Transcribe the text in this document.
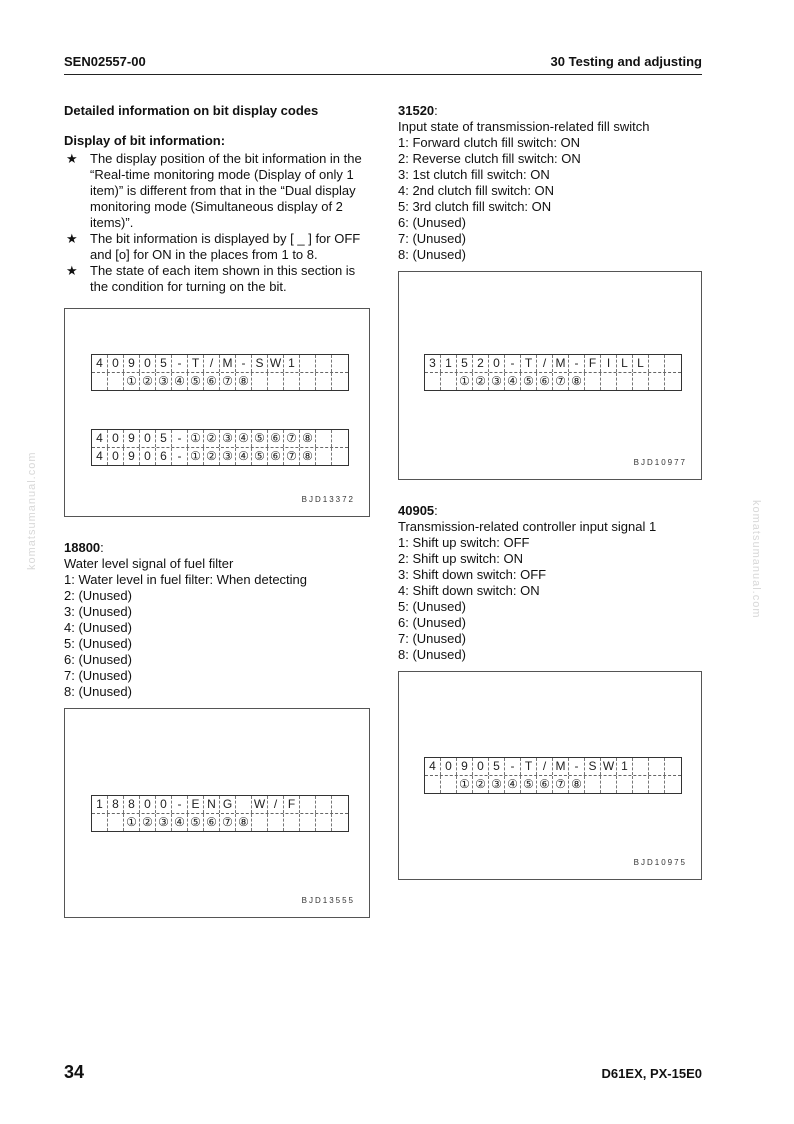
SEN02557-00	30 Testing and adjusting
komatsumanual.com	komatsumanual.com
Detailed information on bit display codes
Display of bit information:
★ The display position of the bit information in the “Real-time monitoring mode (Display of only 1 item)” is different from that in the “Dual display monitoring mode (Simultaneous display of 2 items)”.
★ The bit information is displayed by [ _ ] for OFF and [o] for ON in the places from 1 to 8.
★ The state of each item shown in this section is the condition for turning on the bit.
4 0 9 0 5 - T / M - S W 1
① ② ③ ④ ⑤ ⑥ ⑦ ⑧
4 0 9 0 5 - ① ② ③ ④ ⑤ ⑥ ⑦ ⑧
4 0 9 0 6 - ① ② ③ ④ ⑤ ⑥ ⑦ ⑧
BJD13372
18800:
Water level signal of fuel filter
1: Water level in fuel filter: When detecting
2: (Unused)
3: (Unused)
4: (Unused)
5: (Unused)
6: (Unused)
7: (Unused)
8: (Unused)
1 8 8 0 0 - E N G	W / F
① ② ③ ④ ⑤ ⑥ ⑦ ⑧
BJD13555
31520:
Input state of transmission-related fill switch
1: Forward clutch fill switch: ON
2: Reverse clutch fill switch: ON
3: 1st clutch fill switch: ON
4: 2nd clutch fill switch: ON
5: 3rd clutch fill switch: ON
6: (Unused)
7: (Unused)
8: (Unused)
3 1 5 2 0 - T / M - F I L L
① ② ③ ④ ⑤ ⑥ ⑦ ⑧
BJD10977
40905:
Transmission-related controller input signal 1
1: Shift up switch: OFF
2: Shift up switch: ON
3: Shift down switch: OFF
4: Shift down switch: ON
5: (Unused)
6: (Unused)
7: (Unused)
8: (Unused)
4 0 9 0 5 - T / M - S W 1
① ② ③ ④ ⑤ ⑥ ⑦ ⑧
BJD10975
34	D61EX, PX-15E0
